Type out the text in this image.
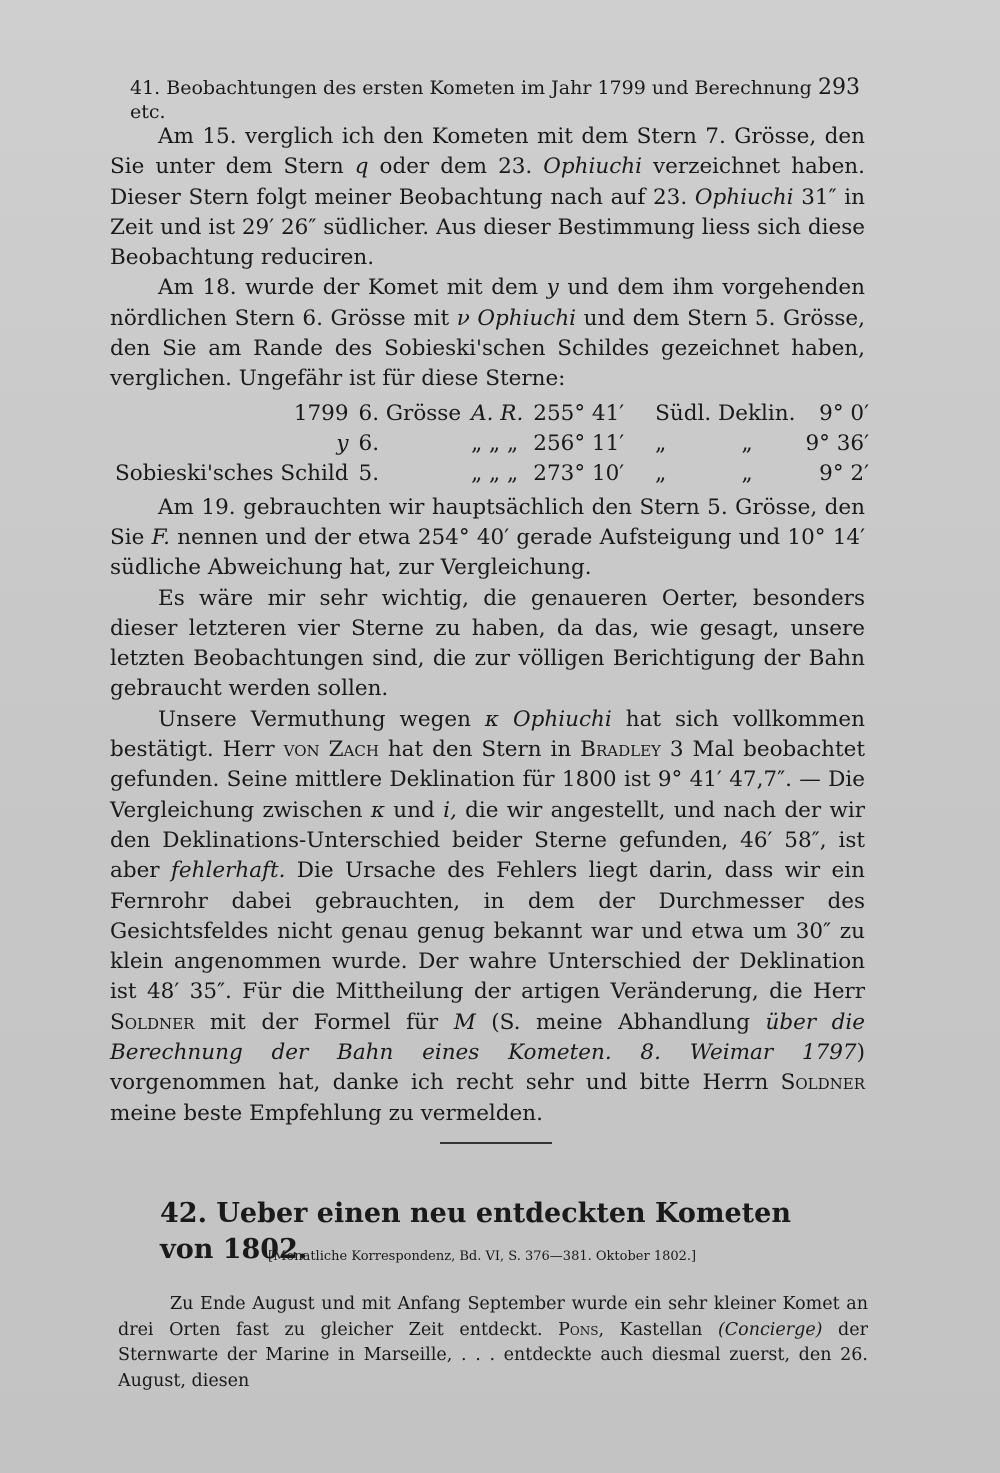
41. Beobachtungen des ersten Kometen im Jahr 1799 und Berechnung etc.
293

Am 15. verglich ich den Kometen mit dem Stern 7. Grösse, den Sie unter dem Stern q oder dem 23. Ophiuchi verzeichnet haben. Dieser Stern folgt meiner Beobachtung nach auf 23. Ophiuchi 31″ in Zeit und ist 29′ 26″ südlicher. Aus dieser Bestimmung liess sich diese Beobachtung reduciren.

Am 18. wurde der Komet mit dem y und dem ihm vorgehenden nördlichen Stern 6. Grösse mit ν Ophiuchi und dem Stern 5. Grösse, den Sie am Rande des Sobieski'schen Schildes gezeichnet haben, verglichen. Ungefähr ist für diese Sterne:

1799	6. Grösse	A. R.	255° 41′	Südl. Deklin.	9° 0′
y	6.	„ „ „	256° 11′	„           „	9° 36′
Sobieski'sches Schild	5.	„ „ „	273° 10′	„           „	9° 2′

Am 19. gebrauchten wir hauptsächlich den Stern 5. Grösse, den Sie F. nennen und der etwa 254° 40′ gerade Aufsteigung und 10° 14′ südliche Abweichung hat, zur Vergleichung.

Es wäre mir sehr wichtig, die genaueren Oerter, besonders dieser letzteren vier Sterne zu haben, da das, wie gesagt, unsere letzten Beobachtungen sind, die zur völligen Berichtigung der Bahn gebraucht werden sollen.

Unsere Vermuthung wegen κ Ophiuchi hat sich vollkommen bestätigt. Herr von Zach hat den Stern in Bradley 3 Mal beobachtet gefunden. Seine mittlere Deklination für 1800 ist 9° 41′ 47,7″. — Die Vergleichung zwischen κ und i, die wir angestellt, und nach der wir den Deklinations-Unterschied beider Sterne gefunden, 46′ 58″, ist aber fehlerhaft. Die Ursache des Fehlers liegt darin, dass wir ein Fernrohr dabei gebrauchten, in dem der Durchmesser des Gesichtsfeldes nicht genau genug bekannt war und etwa um 30″ zu klein angenommen wurde. Der wahre Unterschied der Deklination ist 48′ 35″. Für die Mittheilung der artigen Veränderung, die Herr Soldner mit der Formel für M (S. meine Abhandlung über die Berechnung der Bahn eines Kometen. 8. Weimar 1797) vorgenommen hat, danke ich recht sehr und bitte Herrn Soldner meine beste Empfehlung zu vermelden.

42. Ueber einen neu entdeckten Kometen von 1802.
[Monatliche Korrespondenz, Bd. VI, S. 376—381. Oktober 1802.]

Zu Ende August und mit Anfang September wurde ein sehr kleiner Komet an drei Orten fast zu gleicher Zeit entdeckt. Pons, Kastellan (Concierge) der Sternwarte der Marine in Marseille, . . . entdeckte auch diesmal zuerst, den 26. August, diesen
